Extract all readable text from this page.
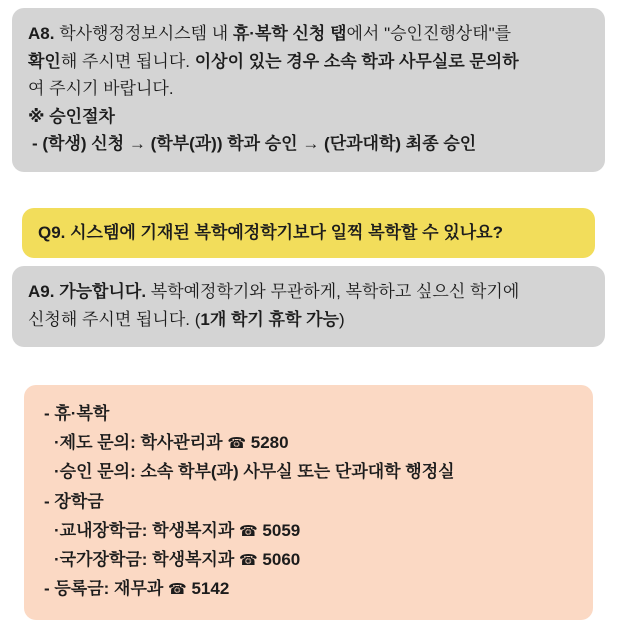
A8. 학사행정정보시스템 내 휴·복학 신청 탭에서 "승인진행상태"를
확인해 주시면 됩니다. 이상이 있는 경우 소속 학과 사무실로 문의하
여 주시기 바랍니다.
※ 승인절차
‑ (학생) 신청 → (학부(과)) 학과 승인 → (단과대학) 최종 승인
Q9. 시스템에 기재된 복학예정학기보다 일찍 복학할 수 있나요?
A9. 가능합니다. 복학예정학기와 무관하게, 복학하고 싶으신 학기에
신청해 주시면 됩니다. (1개 학기 휴학 가능)
- 휴·복학
·제도 문의: 학사관리과 ☎ 5280
·승인 문의: 소속 학부(과) 사무실 또는 단과대학 행정실
- 장학금
·교내장학금: 학생복지과 ☎ 5059
·국가장학금: 학생복지과 ☎ 5060
- 등록금: 재무과 ☎ 5142
